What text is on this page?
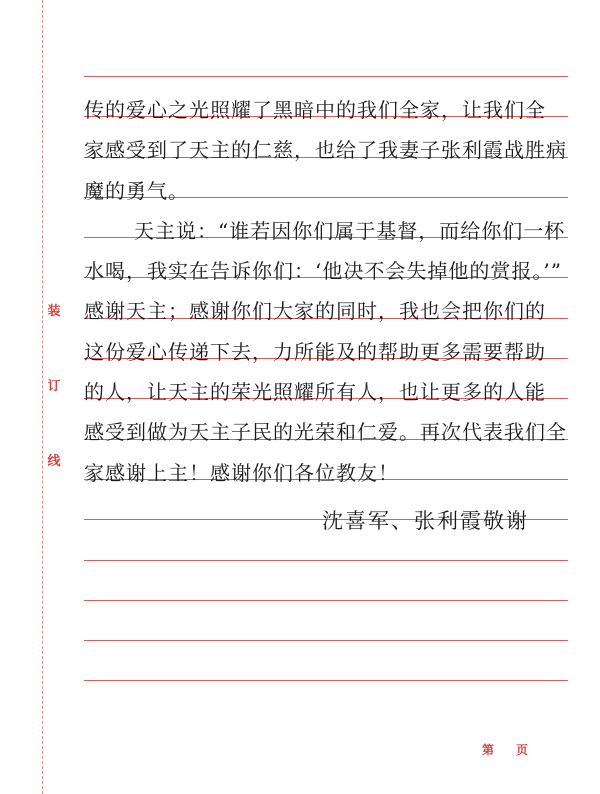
装
订
线
传的爱心之光照耀了黑暗中的我们全家，让我们全
家感受到了天主的仁慈，也给了我妻子张利霞战胜病
魔的勇气。
天主说：“谁若因你们属于基督，而给你们一杯
水喝，我实在告诉你们：‘他决不会失掉他的赏报。’”
感谢天主；感谢你们大家的同时，我也会把你们的
这份爱心传递下去，力所能及的帮助更多需要帮助
的人，让天主的荣光照耀所有人，也让更多的人能
感受到做为天主子民的光荣和仁爱。再次代表我们全
家感谢上主！感谢你们各位教友！
沈喜军、张利霞敬谢
第 页
